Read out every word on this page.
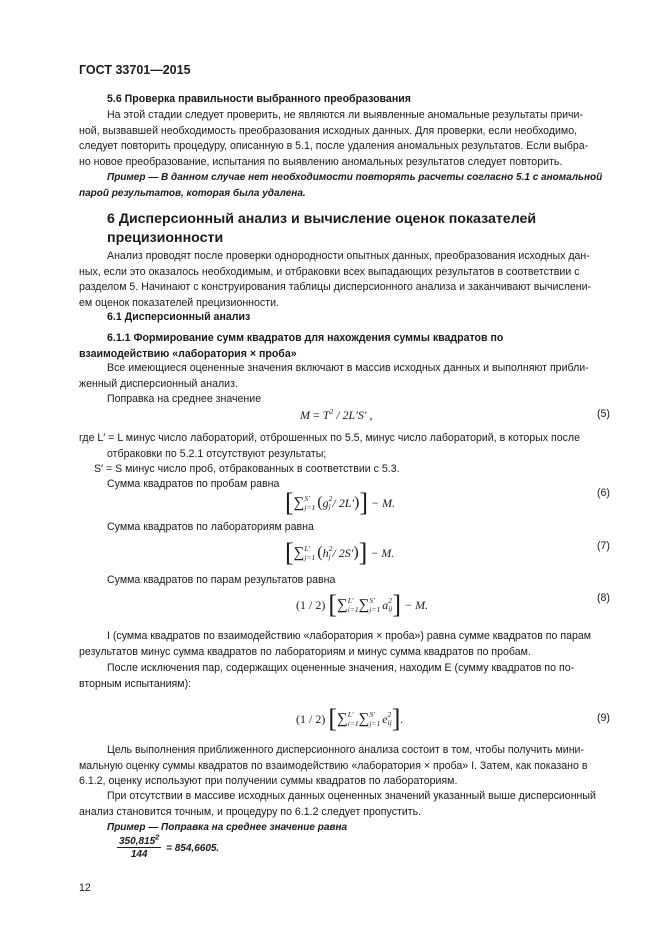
ГОСТ 33701—2015
5.6 Проверка правильности выбранного преобразования
На этой стадии следует проверить, не являются ли выявленные аномальные результаты причи-
ной, вызвавшей необходимость преобразования исходных данных. Для проверки, если необходимо,
следует повторить процедуру, описанную в 5.1, после удаления аномальных результатов. Если выбра-
но новое преобразование, испытания по выявлению аномальных результатов следует повторить.
Пример — В данном случае нет необходимости повторять расчеты согласно 5.1 с аномальной
парой результатов, которая была удалена.
6 Дисперсионный анализ и вычисление оценок показателей
прецизионности
Анализ проводят после проверки однородности опытных данных, преобразования исходных дан-
ных, если это оказалось необходимым, и отбраковки всех выпадающих результатов в соответствии с
разделом 5. Начинают с конструирования таблицы дисперсионного анализа и заканчивают вычислени-
ем оценок показателей прецизионности.
6.1 Дисперсионный анализ
6.1.1 Формирование сумм квадратов для нахождения суммы квадратов по
взаимодействию «лаборатория × проба»
Все имеющиеся оцененные значения включают в массив исходных данных и выполняют прибли-
женный дисперсионный анализ.
Поправка на среднее значение
$M = T^2 / 2L'S'$ ,	(5)
где L′ = L минус число лабораторий, отброшенных по 5.5, минус число лабораторий, в которых после
отбраковки по 5.2.1 отсутствуют результаты;
S′ = S минус число проб, отбракованных в соответствии с 5.3.
Сумма квадратов по пробам равна
[ ∑ S′
j=1 ( g 2
j / 2L′ ) ] − M.
(6)
Сумма квадратов по лабораториям равна
[ ∑ L′
j=1 ( h 2
j / 2S′ ) ] − M.	(7)
Сумма квадратов по парам результатов равна
(1 / 2) [ ∑ L′
i=1 ∑ S′
j=1 a 2
ij ] − M.	(8)
I (сумма квадратов по взаимодействию «лаборатория × проба») равна сумме квадратов по парам
результатов минус сумма квадратов по лабораториям и минус сумма квадратов по пробам.
После исключения пар, содержащих оцененные значения, находим E (сумму квадратов по по-
вторным испытаниям):
(1 / 2) [ ∑ L′
i=1 ∑ S′
j=1 e 2
ij ] .	(9)
Цель выполнения приближенного дисперсионного анализа состоит в том, чтобы получить мини-
мальную оценку суммы квадратов по взаимодействию «лаборатория × проба» I. Затем, как показано в
6.1.2, оценку используют при получении суммы квадратов по лабораториям.
При отсутствии в массиве исходных данных оцененных значений указанный выше дисперсионный
анализ становится точным, и процедуру по 6.1.2 следует пропустить.
Пример — Поправка на среднее значение равна
$\frac{350,815^2}{144} = 854,6605$.
12
